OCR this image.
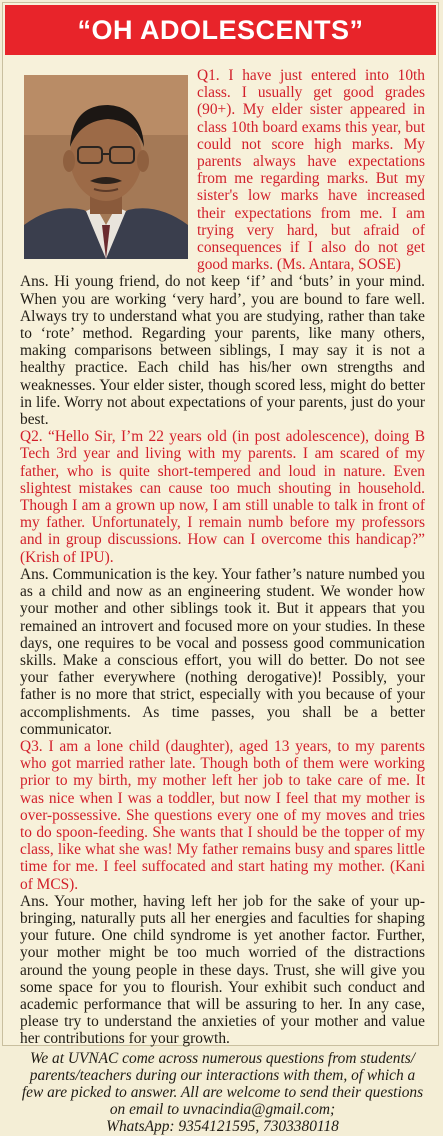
“OH ADOLESCENTS”

Q1. I have just entered into 10th class. I usually get good grades (90+). My elder sister appeared in class 10th board exams this year, but could not score high marks. My parents always have expectations from me regarding marks. But my sister's low marks have increased their expectations from me. I am trying very hard, but afraid of consequences if I also do not get good marks. (Ms. Antara, SOSE)

Ans. Hi young friend, do not keep ‘if’ and ‘buts’ in your mind. When you are working ‘very hard’, you are bound to fare well. Always try to understand what you are studying, rather than take to ‘rote’ method. Regarding your parents, like many others, making comparisons between siblings, I may say it is not a healthy practice. Each child has his/her own strengths and weaknesses. Your elder sister, though scored less, might do better in life. Worry not about expectations of your parents, just do your best.

Q2. “Hello Sir, I’m 22 years old (in post adolescence), doing B Tech 3rd year and living with my parents. I am scared of my father, who is quite short-tempered and loud in nature. Even slightest mistakes can cause too much shouting in household. Though I am a grown up now, I am still unable to talk in front of my father. Unfortunately, I remain numb before my professors and in group discussions. How can I overcome this handicap?” (Krish of IPU).

Ans. Communication is the key. Your father’s nature numbed you as a child and now as an engineering student. We wonder how your mother and other siblings took it. But it appears that you remained an introvert and focused more on your studies. In these days, one requires to be vocal and possess good communication skills. Make a conscious effort, you will do better. Do not see your father everywhere (nothing derogative)! Possibly, your father is no more that strict, especially with you because of your accomplishments. As time passes, you shall be a better communicator.

Q3. I am a lone child (daughter), aged 13 years, to my parents who got married rather late. Though both of them were working prior to my birth, my mother left her job to take care of me. It was nice when I was a toddler, but now I feel that my mother is over-possessive. She questions every one of my moves and tries to do spoon-feeding. She wants that I should be the topper of my class, like what she was! My father remains busy and spares little time for me. I feel suffocated and start hating my mother. (Kani of MCS).

Ans. Your mother, having left her job for the sake of your up-bringing, naturally puts all her energies and faculties for shaping your future. One child syndrome is yet another factor. Further, your mother might be too much worried of the distractions around the young people in these days. Trust, she will give you some space for you to flourish. Your exhibit such conduct and academic performance that will be assuring to her. In any case, please try to understand the anxieties of your mother and value her contributions for your growth.

We at UVNAC come across numerous questions from students/
parents/teachers during our interactions with them, of which a
few are picked to answer. All are welcome to send their questions
on email to uvnacindia@gmail.com;
WhatsApp: 9354121595, 7303380118
